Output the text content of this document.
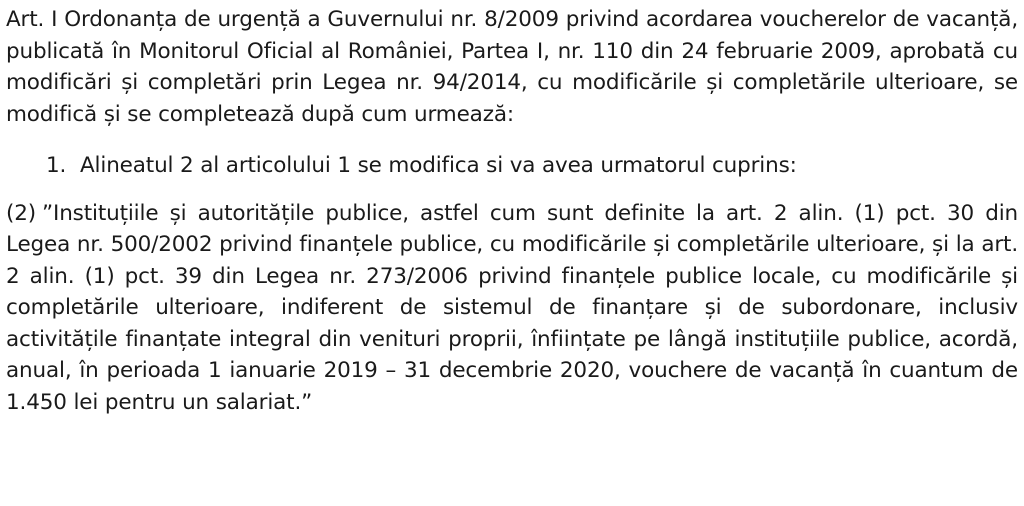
Art. I Ordonanța de urgență a Guvernului nr. 8/2009 privind acordarea voucherelor de vacanță, publicată în Monitorul Oficial al României, Partea I, nr. 110 din 24 februarie 2009, aprobată cu modificări și completări prin Legea nr. 94/2014, cu modificările și completările ulterioare, se modifică și se completează după cum urmează:

1. Alineatul 2 al articolului 1 se modifica si va avea urmatorul cuprins:

(2) ”Instituțiile și autoritățile publice, astfel cum sunt definite la art. 2 alin. (1) pct. 30 din Legea nr. 500/2002 privind finanțele publice, cu modificările și completările ulterioare, și la art. 2 alin. (1) pct. 39 din Legea nr. 273/2006 privind finanțele publice locale, cu modificările și completările ulterioare, indiferent de sistemul de finanțare și de subordonare, inclusiv activitățile finanțate integral din venituri proprii, înființate pe lângă instituțiile publice, acordă, anual, în perioada 1 ianuarie 2019 – 31 decembrie 2020, vouchere de vacanță în cuantum de 1.450 lei pentru un salariat.”
